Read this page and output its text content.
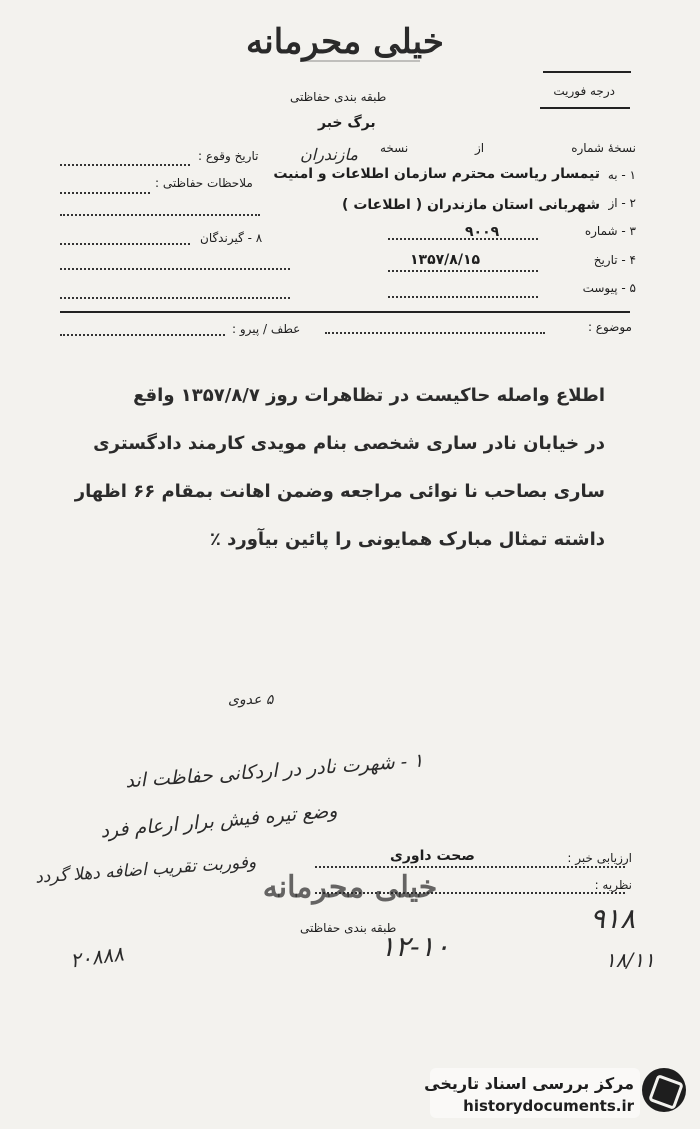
خیلی محرمانه
طبقه بندی حفاظتی	درجه فوریت
برگ خبر
نسخهٔ شماره
از
نسخه
تاریخ وقوع :	مازندران
۱ - به
تیمسار ریاست محترم سازمان اطلاعات و امنیت
ملاحظات حفاظتی :
۲ - از
شهربانی استان مازندران ( اطلاعات )
۳ - شماره
۹۰۰۹
۸ - گیرندگان
۴ - تاریخ
۱۳۵۷/۸/۱۵
۵ - پیوست
موضوع :
عطف / پیرو :
اطلاع واصله حاکیست در تظاهرات روز ۱۳۵۷/۸/۷ واقع
در خیابان نادر ساری شخصی بنام مویدی کارمند دادگستری
ساری بصاحب نا نوائی مراجعه وضمن اهانت بمقام ۶۶ اظهار
داشته تمثال مبارک همایونی را پائین بیآورد ٪
۵ عدوی
۱ - شهرت نادر در اردکانی حفاظت اند
وضع تیره فیش برار ارعام فرد
وفوربت تقریب اضافه دهلا گردد
۲۰۸۸۸
۹۱۸
۱۸/۱۱
۱۲-۱۰
ارزیابی خبر :
صحت داوری
نظریه :
خیلی محرمانه
طبقه بندی حفاظتی
مرکز بررسی اسناد تاریخی
historydocuments.ir
